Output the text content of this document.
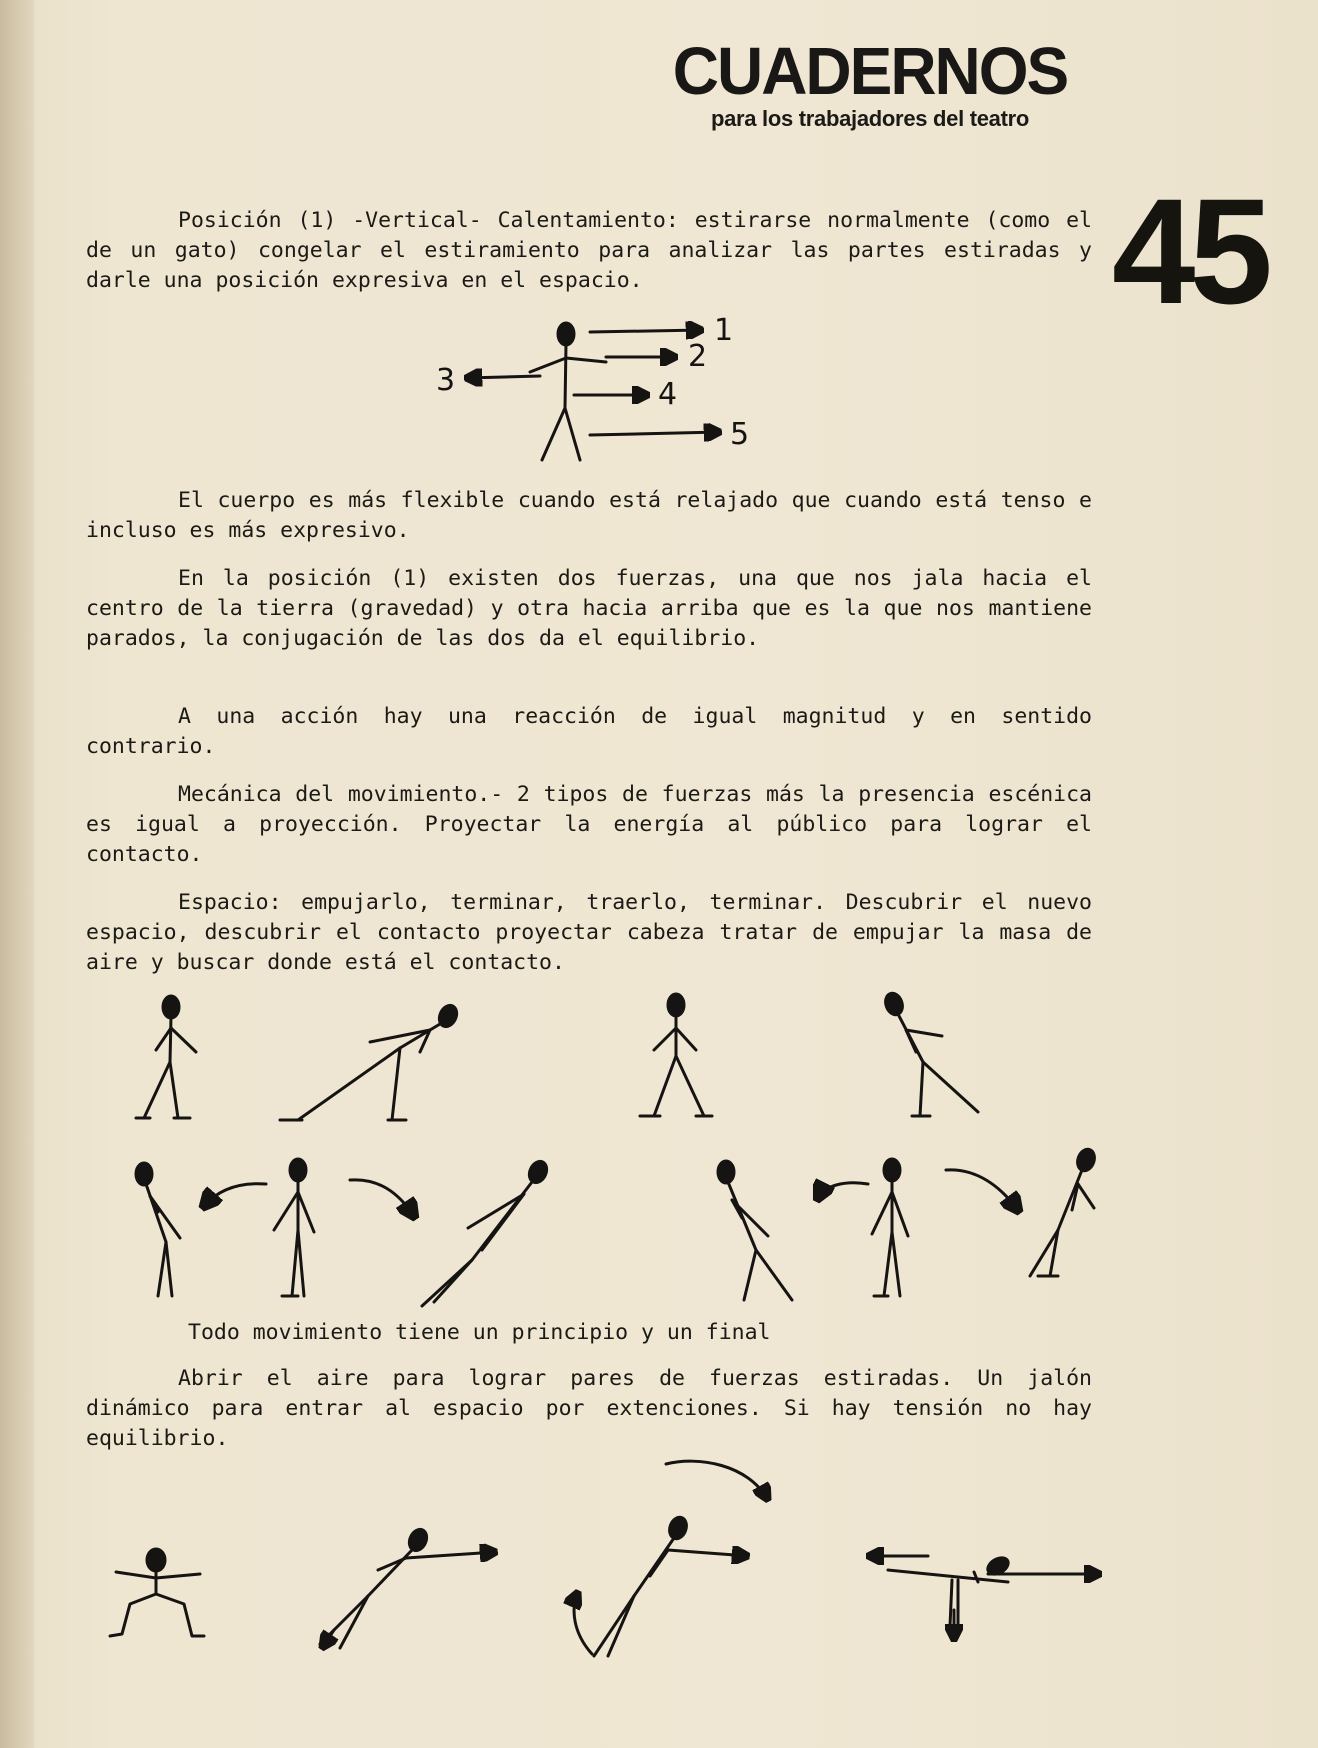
CUADERNOS
para los trabajadores del teatro
45
Posición (1) -Vertical- Calentamiento: estirarse normalmente (como el de un gato) congelar el estiramiento para analizar las partes estiradas y darle una posición expresiva en el espacio.
1
2
3	4
5
El cuerpo es más flexible cuando está relajado que cuando está tenso e incluso es más expresivo.
En la posición (1) existen dos fuerzas, una que nos jala hacia el centro de la tierra (gravedad) y otra hacia arriba que es la que nos mantiene parados, la conjugación de las dos da el equilibrio.
A una acción hay una reacción de igual magnitud y en sentido contrario.
Mecánica del movimiento.- 2 tipos de fuerzas más la presencia escénica es igual a proyección. Proyectar la energía al público para lograr el contacto.
Espacio: empujarlo, terminar, traerlo, terminar. Descubrir el nuevo espacio, descubrir el contacto proyectar cabeza tratar de empujar la masa de aire y buscar donde está el contacto.
Todo movimiento tiene un principio y un final
Abrir el aire para lograr pares de fuerzas estiradas. Un jalón dinámico para entrar al espacio por extenciones. Si hay tensión no hay equilibrio.
